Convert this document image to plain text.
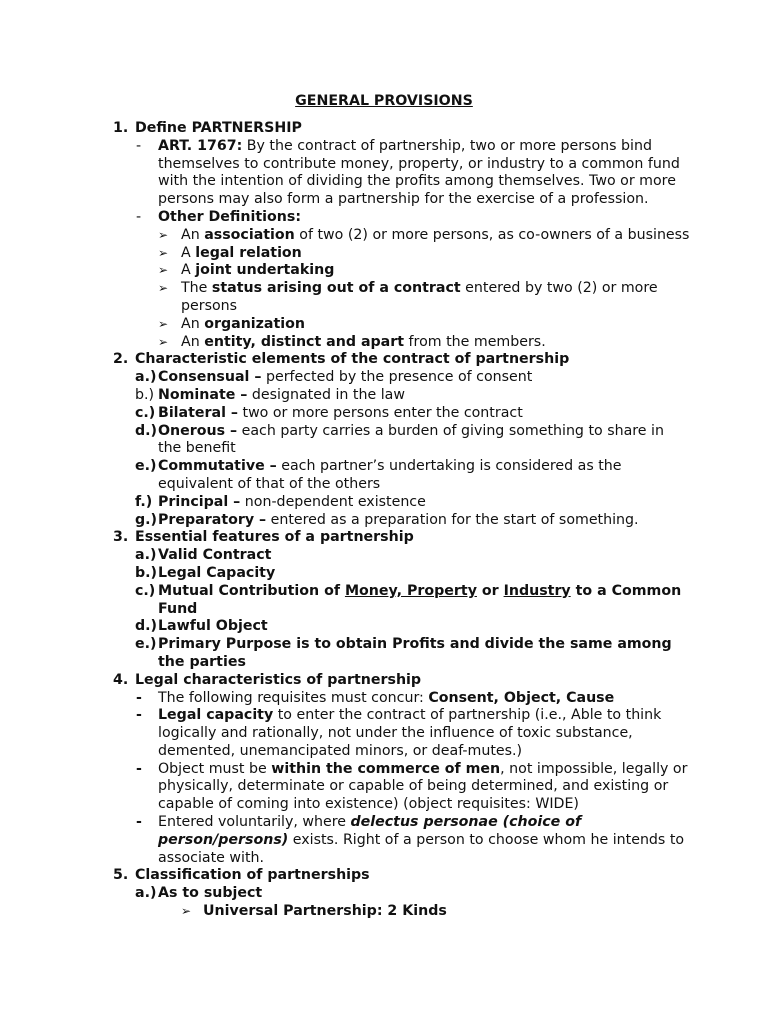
GENERAL PROVISIONS
1. Define PARTNERSHIP
- ART. 1767: By the contract of partnership, two or more persons bind
themselves to contribute money, property, or industry to a common fund
with the intention of dividing the profits among themselves. Two or more
persons may also form a partnership for the exercise of a profession.
- Other Definitions:
➢ An association of two (2) or more persons, as co-owners of a business
➢ A legal relation
➢ A joint undertaking
➢ The status arising out of a contract entered by two (2) or more
persons
➢ An organization
➢ An entity, distinct and apart from the members.
2. Characteristic elements of the contract of partnership
a.) Consensual – perfected by the presence of consent
b.) Nominate – designated in the law
c.) Bilateral – two or more persons enter the contract
d.) Onerous – each party carries a burden of giving something to share in
the benefit
e.) Commutative – each partner’s undertaking is considered as the
equivalent of that of the others
f.) Principal – non-dependent existence
g.) Preparatory – entered as a preparation for the start of something.
3. Essential features of a partnership
a.) Valid Contract
b.) Legal Capacity
c.) Mutual Contribution of Money, Property or Industry to a Common
Fund
d.) Lawful Object
e.) Primary Purpose is to obtain Profits and divide the same among
the parties
4. Legal characteristics of partnership
- The following requisites must concur: Consent, Object, Cause
- Legal capacity to enter the contract of partnership (i.e., Able to think
logically and rationally, not under the influence of toxic substance,
demented, unemancipated minors, or deaf-mutes.)
- Object must be within the commerce of men, not impossible, legally or
physically, determinate or capable of being determined, and existing or
capable of coming into existence) (object requisites: WIDE)
- Entered voluntarily, where delectus personae (choice of
person/persons) exists. Right of a person to choose whom he intends to
associate with.
5. Classification of partnerships
a.) As to subject
➢ Universal Partnership: 2 Kinds
